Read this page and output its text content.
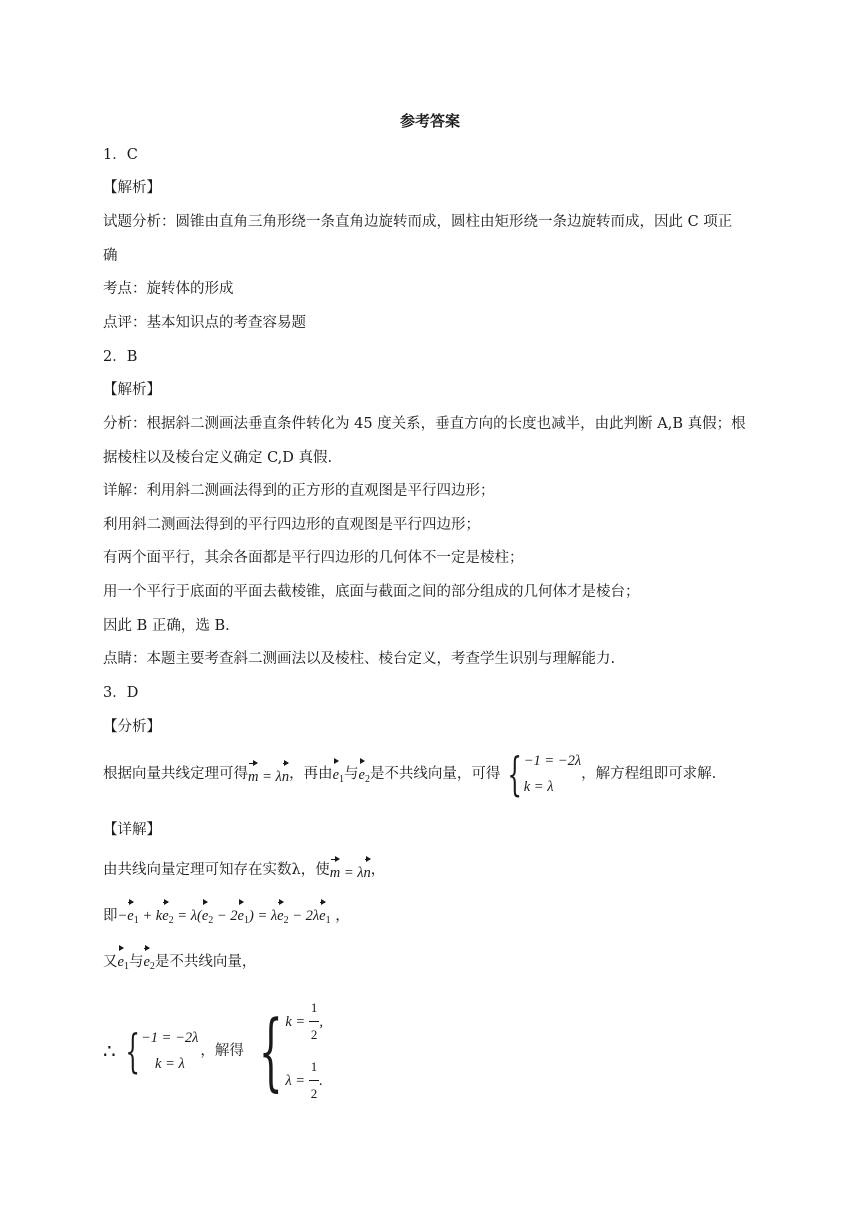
参考答案
1．C
【解析】
试题分析：圆锥由直角三角形绕一条直角边旋转而成，圆柱由矩形绕一条边旋转而成，因此 C 项正
确
考点：旋转体的形成
点评：基本知识点的考查容易题
2．B
【解析】
分析：根据斜二测画法垂直条件转化为 45 度关系，垂直方向的长度也减半，由此判断 A,B 真假；根
据棱柱以及棱台定义确定 C,D 真假.
详解：利用斜二测画法得到的正方形的直观图是平行四边形；
利用斜二测画法得到的平行四边形的直观图是平行四边形；
有两个面平行，其余各面都是平行四边形的几何体不一定是棱柱；
用一个平行于底面的平面去截棱锥，底面与截面之间的部分组成的几何体才是棱台；
因此 B 正确，选 B.
点睛：本题主要考查斜二测画法以及棱柱、棱台定义，考查学生识别与理解能力.
3．D
【分析】
根据向量共线定理可得 m = λn ，再由 $e_1$ 与 $e_2$ 是不共线向量，可得 { −1 = −2λ
k = λ
，解方程组即可求解.
【详解】
由共线向量定理可知存在实数λ，使 m = λn ，
即 $-e_1 + ke_2 = \lambda(e_2 - 2e_1) = \lambda e_2 - 2\lambda e_1$ ，
又 $e_1$ 与 $e_2$ 是不共线向量，
∴ { −1 = −2λ
k = λ
，解得 { $k = \frac{1}{2}$ ,
$\lambda = \frac{1}{2}$ .
